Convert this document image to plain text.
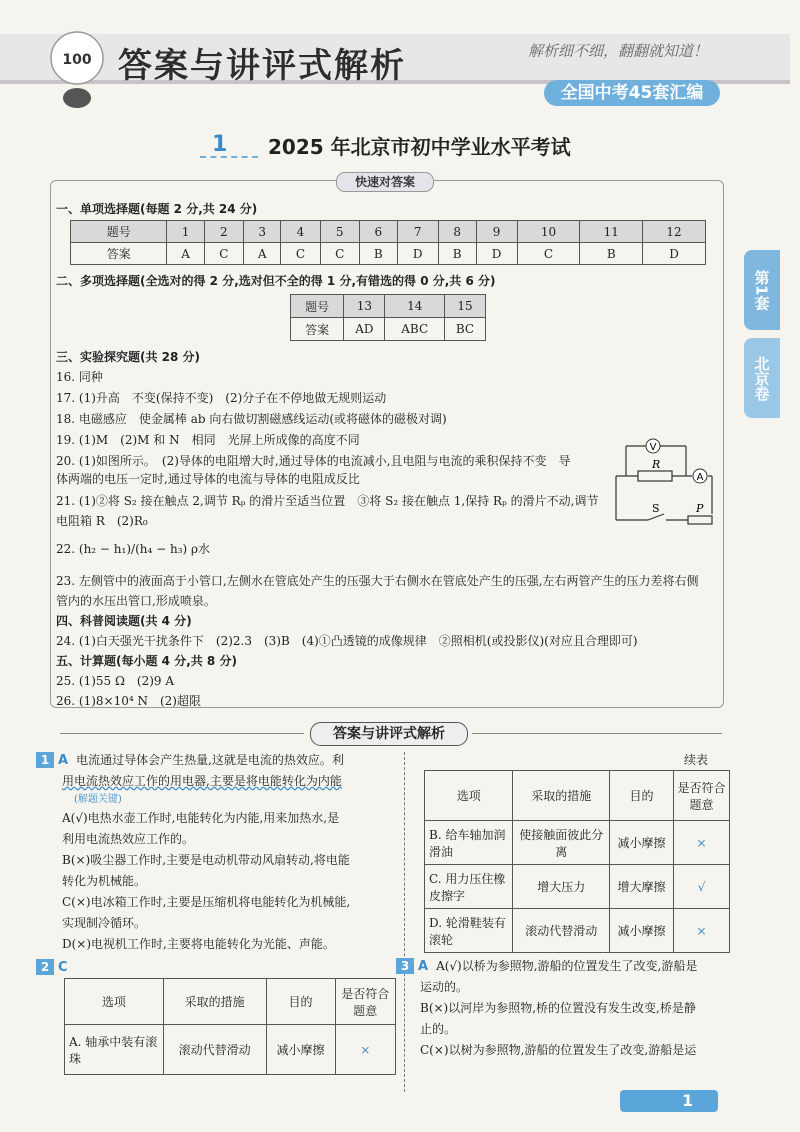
100 答案与讲评式解析	解析细不细，翻翻就知道！
全国中考45套汇编
第1套
北京卷
1 2025 年北京市初中学业水平考试
快速对答案
一、单项选择题(每题 2 分,共 24 分)
题号	1	2	3	4	5	6	7	8	9	10	11	12
答案	A	C	A	C	C	B	D	B	D	C	B	D
二、多项选择题(全选对的得 2 分,选对但不全的得 1 分,有错选的得 0 分,共 6 分)
题号	13	14	15
答案	AD	ABC	BC
三、实验探究题(共 28 分)
16. 同种
17. (1)升高　不变(保持不变)　(2)分子在不停地做无规则运动
18. 电磁感应　使金属棒 ab 向右做切割磁感线运动(或将磁体的磁极对调)
19. (1)M　(2)M 和 N　相同　光屏上所成像的高度不同
20. (1)如图所示。　(2)导体的电阻增大时,通过导体的电流减小,且电阻与电流的乘积保持不变　导
体两端的电压一定时,通过导体的电流与导体的电阻成反比
21. (1)②将 S₂ 接在触点 2,调节 Rₚ 的滑片至适当位置　③将 S₂ 接在触点 1,保持 Rₚ 的滑片不动,调节
电阻箱 R　(2)R₀
22. (h₂ − h₁)/(h₄ − h₃) ρ水
23. 左侧管中的液面高于小管口,左侧水在管底处产生的压强大于右侧水在管底处产生的压强,左右两管产生的压力差将右侧
管内的水压出管口,形成喷泉。
四、科普阅读题(共 4 分)
24. (1)白天强光干扰条件下　(2)2.3　(3)B　(4)①凸透镜的成像规律　②照相机(或投影仪)(对应且合理即可)
五、计算题(每小题 4 分,共 8 分)
25. (1)55 Ω　(2)9 A
26. (1)8×10⁴ N　(2)超限
V
A
R
S	P
答案与讲评式解析
1 A 电流通过导体会产生热量,这就是电流的热效应。利
用电流热效应工作的用电器,主要是将电能转化为内能
(解题关键)
A(√)电热水壶工作时,电能转化为内能,用来加热水,是
利用电流热效应工作的。
B(×)吸尘器工作时,主要是电动机带动风扇转动,将电能
转化为机械能。
C(×)电冰箱工作时,主要是压缩机将电能转化为机械能,
实现制冷循环。
D(×)电视机工作时,主要将电能转化为光能、声能。
2 C
选项	采取的措施	目的	是否符合题意
A. 轴承中装有滚珠	滚动代替滑动	减小摩擦	×
续表
选项	采取的措施	目的	是否符合题意
B. 给车轴加润滑油	使接触面彼此分离	减小摩擦	×
C. 用力压住橡皮擦字	增大压力	增大摩擦	√
D. 轮滑鞋装有滚轮	滚动代替滑动	减小摩擦	×
3 A A(√)以桥为参照物,游船的位置发生了改变,游船是
运动的。
B(×)以河岸为参照物,桥的位置没有发生改变,桥是静
止的。
C(×)以树为参照物,游船的位置发生了改变,游船是运
1
